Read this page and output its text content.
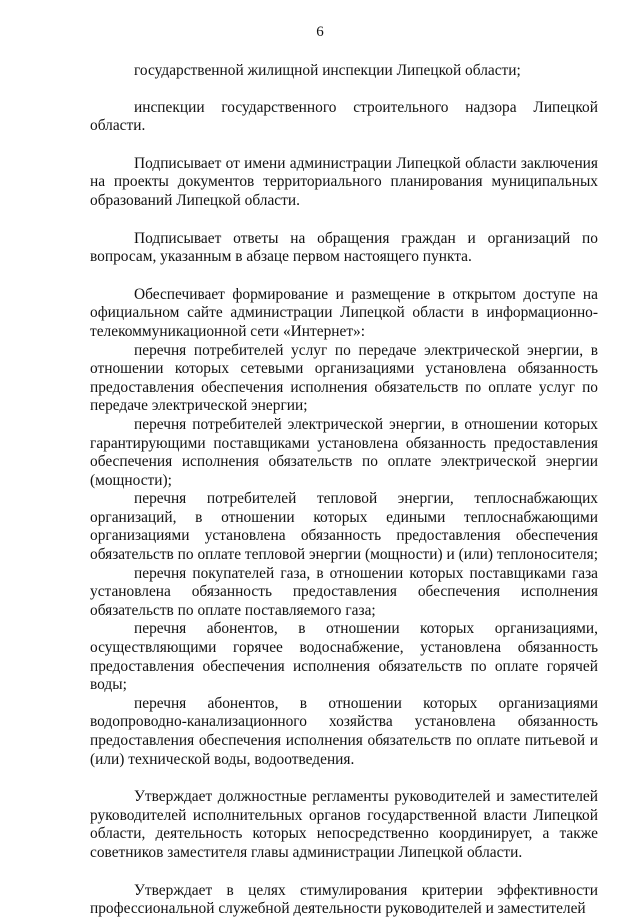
6

государственной жилищной инспекции Липецкой области;

инспекции государственного строительного надзора Липецкой области.

Подписывает от имени администрации Липецкой области заключения на проекты документов территориального планирования муниципальных образований Липецкой области.

Подписывает ответы на обращения граждан и организаций по вопросам, указанным в абзаце первом настоящего пункта.

Обеспечивает формирование и размещение в открытом доступе на официальном сайте администрации Липецкой области в информационно-телекоммуникационной сети «Интернет»:

перечня потребителей услуг по передаче электрической энергии, в отношении которых сетевыми организациями установлена обязанность предоставления обеспечения исполнения обязательств по оплате услуг по передаче электрической энергии;

перечня потребителей электрической энергии, в отношении которых гарантирующими поставщиками установлена обязанность предоставления обеспечения исполнения обязательств по оплате электрической энергии (мощности);

перечня потребителей тепловой энергии, теплоснабжающих организаций, в отношении которых едиными теплоснабжающими организациями установлена обязанность предоставления обеспечения обязательств по оплате тепловой энергии (мощности) и (или) теплоносителя;

перечня покупателей газа, в отношении которых поставщиками газа установлена обязанность предоставления обеспечения исполнения обязательств по оплате поставляемого газа;

перечня абонентов, в отношении которых организациями, осуществляющими горячее водоснабжение, установлена обязанность предоставления обеспечения исполнения обязательств по оплате горячей воды;

перечня абонентов, в отношении которых организациями водопроводно-канализационного хозяйства установлена обязанность предоставления обеспечения исполнения обязательств по оплате питьевой и (или) технической воды, водоотведения.

Утверждает должностные регламенты руководителей и заместителей руководителей исполнительных органов государственной власти Липецкой области, деятельность которых непосредственно координирует, а также советников заместителя главы администрации Липецкой области.

Утверждает в целях стимулирования критерии эффективности профессиональной служебной деятельности руководителей и заместителей
